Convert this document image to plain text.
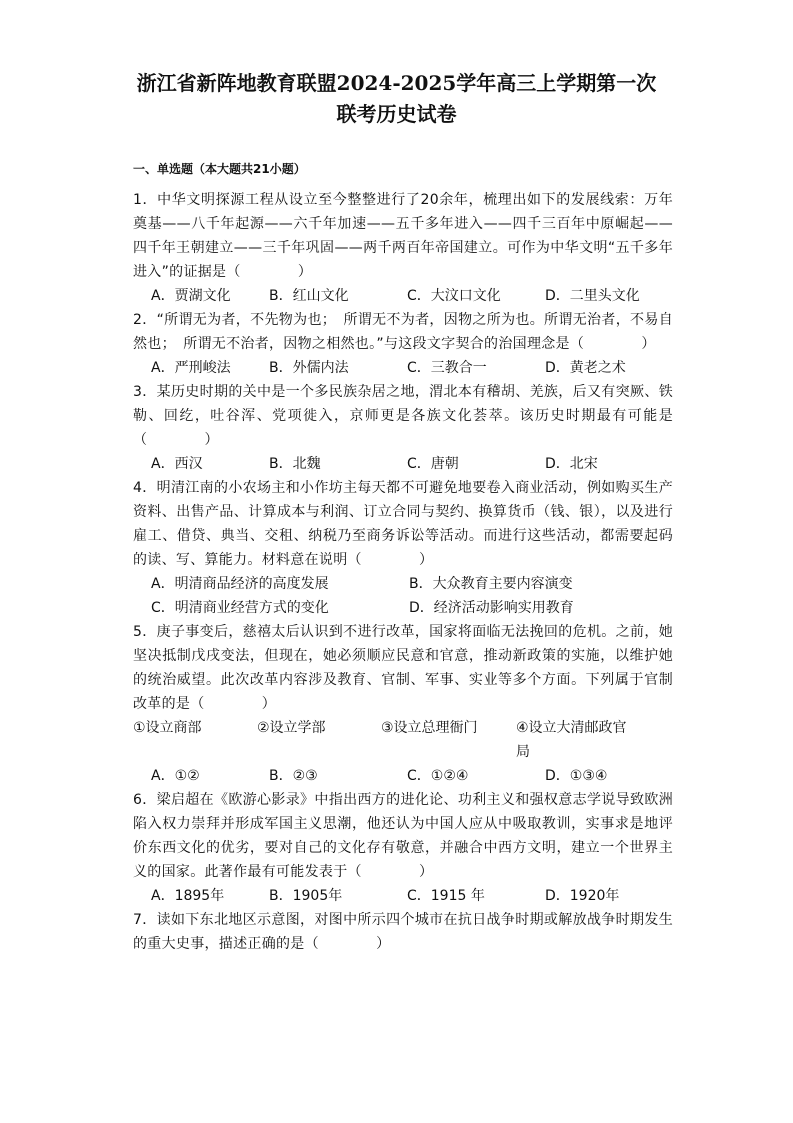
浙江省新阵地教育联盟2024-2025学年高三上学期第一次
联考历史试卷
一、单选题（本大题共21小题）

1．中华文明探源工程从设立至今整整进行了20余年，梳理出如下的发展线索：万年奠基——八千年起源——六千年加速——五千多年进入——四千三百年中原崛起——四千年王朝建立——三千年巩固——两千两百年帝国建立。可作为中华文明“五千多年进入”的证据是（　　　　）

A．贾湖文化	B．红山文化	C．大汶口文化	D．二里头文化

2．“所谓无为者，不先物为也；　所谓无不为者，因物之所为也。所谓无治者，不易自然也；　所谓无不治者，因物之相然也。”与这段文字契合的治国理念是（　　　　）

A．严刑峻法	B．外儒内法	C．三教合一	D．黄老之术

3．某历史时期的关中是一个多民族杂居之地，渭北本有稽胡、羌族，后又有突厥、铁勒、回纥，吐谷浑、党项徙入，京师更是各族文化荟萃。该历史时期最有可能是（　　　　）

A．西汉	B．北魏	C．唐朝	D．北宋

4．明清江南的小农场主和小作坊主每天都不可避免地要卷入商业活动，例如购买生产资料、出售产品、计算成本与利润、订立合同与契约、换算货币（钱、银），以及进行雇工、借贷、典当、交租、纳税乃至商务诉讼等活动。而进行这些活动，都需要起码的读、写、算能力。材料意在说明（　　　　）

A．明清商品经济的高度发展	B．大众教育主要内容演变
C．明清商业经营方式的变化	D．经济活动影响实用教育

5．庚子事变后，慈禧太后认识到不进行改革，国家将面临无法挽回的危机。之前，她坚决抵制戊戌变法，但现在，她必须顺应民意和官意，推动新政策的实施，以维护她的统治威望。此次改革内容涉及教育、官制、军事、实业等多个方面。下列属于官制改革的是（　　　　）

①设立商部	②设立学部	③设立总理衙门	④设立大清邮政官局
A．①②	B．②③	C．①②④	D．①③④

6．梁启超在《欧游心影录》中指出西方的进化论、功利主义和强权意志学说导致欧洲陷入权力崇拜并形成军国主义思潮，他还认为中国人应从中吸取教训，实事求是地评价东西文化的优劣，要对自己的文化存有敬意，并融合中西方文明，建立一个世界主义的国家。此著作最有可能发表于（　　　　）

A．1895年	B．1905年	C．1915 年	D．1920年

7．读如下东北地区示意图，对图中所示四个城市在抗日战争时期或解放战争时期发生的重大史事，描述正确的是（　　　　）
